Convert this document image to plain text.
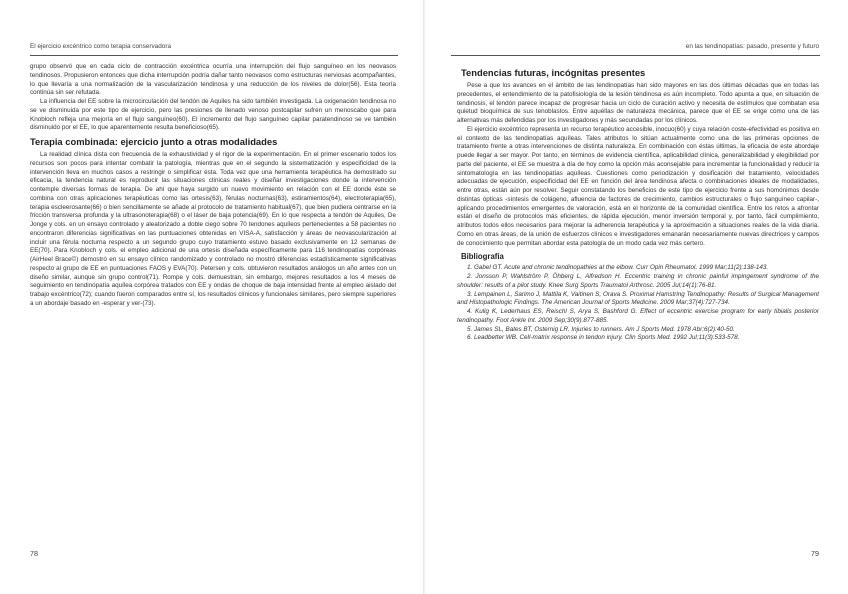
El ejercicio excéntrico como terapia conservadora

grupo observó que en cada ciclo de contracción excéntrica ocurría una interrupción del flujo sanguíneo en los neovasos tendinosos. Propusieron entonces que dicha interrupción podría dañar tanto neovasos como estructuras nerviosas acompañantes, lo que llevaría a una normalización de la vascularización tendinosa y una reducción de los niveles de dolor(56). Esta teoría continúa sin ser refutada.

La influencia del EE sobre la microcirculación del tendón de Aquiles ha sido también investigada. La oxigenación tendinosa no se ve disminuida por este tipo de ejercicio, pero las presiones de llenado venoso postcapilar sufren un menoscabo que para Knobloch refleja una mejoría en el flujo sanguíneo(60). El incremento del flujo sanguíneo capilar paratendinoso se ve también disminuido por el EE, lo que aparentemente resulta beneficioso(65).

Terapia combinada: ejercicio junto a otras modalidades

La realidad clínica dista con frecuencia de la exhaustividad y el rigor de la experimentación. En el primer escenario todos los recursos son pocos para intentar combatir la patología, mientras que en el segundo la sistematización y especificidad de la intervención lleva en muchos casos a restringir o simplificar ésta. Toda vez que una herramienta terapéutica ha demostrado su eficacia, la tendencia natural es reproducir las situaciones clínicas reales y diseñar investigaciones donde la intervención contemple diversas formas de terapia. De ahí que haya surgido un nuevo movimiento en relación con el EE donde éste se combina con otras aplicaciones terapéuticas como las ortesis(63), férulas nocturnas(63), estiramientos(64), electroterapia(65), terapia escleerosante(66) o bien sencillamente se añade al protocolo de tratamiento habitual(67), que bien pudiera centrarse en la fricción transversa profunda y la ultrasonoterapia(68) o el láser de baja potencia(69). En lo que respecta a tendón de Aquiles, De Jonge y cols. en un ensayo controlado y aleatorizado a doble ciego sobre 70 tendones aquíleos pertenecientes a 58 pacientes no encontraron diferencias significativas en las puntuaciones obtenidas en VISA-A, satisfacción y áreas de neovascularización al incluir una férula nocturna respecto a un segundo grupo cuyo tratamiento estuvo basado exclusivamente en 12 semanas de EE(70). Para Knobloch y cols. el empleo adicional de una ortesis diseñada específicamente para 116 tendinopatías corpóreas (AirHeel Brace©) demostró en su ensayo clínico randomizado y controlado no mostró diferencias estadísticamente significativas respecto al grupo de EE en puntuaciones FAOS y EVA(70). Petersen y cols. obtuvieron resultados análogos un año antes con un diseño similar, aunque sin grupo control(71). Rompe y cols. demuestran, sin embargo, mejores resultados a los 4 meses de seguimiento en tendinopatía aquílea corpórea tratados con EE y ondas de choque de baja intensidad frente al empleo aislado del trabajo excéntrico(72); cuando fueron comparados entre sí, los resultados clínicos y funcionales similares, pero siempre superiores a un abordaje basado en -esperar y ver-(73).

78
en las tendinopatías: pasado, presente y futuro
Tendencias futuras, incógnitas presentes

Pese a que los avances en el ámbito de las tendinopatías han sido mayores en las dos últimas décadas que en todas las precedentes, el entendimiento de la patofisiología de la lesión tendinosa es aún incompleto. Todo apunta a que, en situación de tendinosis, el tendón parece incapaz de progresar hacia un ciclo de curación activo y necesita de estímulos que combatan esa quietud bioquímica de sus tenoblastos. Entre aquéllas de naturaleza mecánica, parece que el EE se erige como una de las alternativas más defendidas por los investigadores y más secundadas por los clínicos.

El ejercicio excéntrico representa un recurso terapéutico accesible, inocuo(60) y cuya relación coste-efectividad es positiva en el contexto de las tendinopatías aquíleas. Tales atributos lo sitúan actualmente como una de las primeras opciones de tratamiento frente a otras intervenciones de distinta naturaleza. En combinación con éstas últimas, la eficacia de este abordaje puede llegar a ser mayor. Por tanto, en términos de evidencia científica, aplicabilidad clínica, generalizabilidad y elegibilidad por parte del paciente, el EE se muestra a día de hoy como la opción más aconsejable para incrementar la funcionalidad y reducir la sintomatología en las tendinopatías aquíleas. Cuestiones como periodización y dosificación del tratamiento, velocidades adecuadas de ejecución, especificidad del EE en función del área tendinosa afecta o combinaciones ideales de modalidades, entre otras, están aún por resolver. Seguir constatando los beneficios de este tipo de ejercicio frente a sus homónimos desde distintas ópticas -síntesis de colágeno, afluencia de factores de crecimiento, cambios estructurales o flujo sanguíneo capilar-, aplicando procedimientos emergentes de valoración, está en el horizonte de la comunidad científica. Entre los retos a afrontar están el diseño de protocolos más eficientes, de rápida ejecución, menor inversión temporal y, por tanto, fácil cumplimiento, atributos todos ellos necesarios para mejorar la adherencia terapéutica y la aproximación a situaciones reales de la vida diaria. Como en otras áreas, de la unión de esfuerzos clínicos e investigadores emanarán necesariamente nuevas directrices y campos de conocimiento que permitan abordar esta patología de un modo cada vez más certero.

Bibliografía

1. Gabel GT. Acute and chronic tendinopathies at the elbow. Curr Opin Rheumatol. 1999 Mar;11(2):138-143.

2. Jonsson P, Wahlström P, Öhberg L, Alfredson H. Eccentric training in chronic painful impingement syndrome of the shoulder: results of a pilot study. Knee Surg Sports Traumatol Arthrosc. 2005 Jul;14(1):76-81.

3. Lempainen L, Sarimo J, Mattila K, Vaitinen S, Orava S. Proximal Hamstring Tendinopathy: Results of Surgical Management and Histopathologic Findings. The American Journal of Sports Medicine. 2009 Mar;37(4):727-734.

4. Kulig K, Lederhaus ES, Reischl S, Arya S, Bashford G. Effect of eccentric exercise program for early tibialis posterior tendinopathy. Foot Ankle Int. 2009 Sep;30(9):877-885.

5. James SL, Bates BT, Osternig LR. Injuries to runners. Am J Sports Med. 1978 Abr;6(2):40-50.

6. Leadbetter WB. Cell-matrix response in tendon injury. Clin Sports Med. 1992 Jul;11(3):533-578.

79
